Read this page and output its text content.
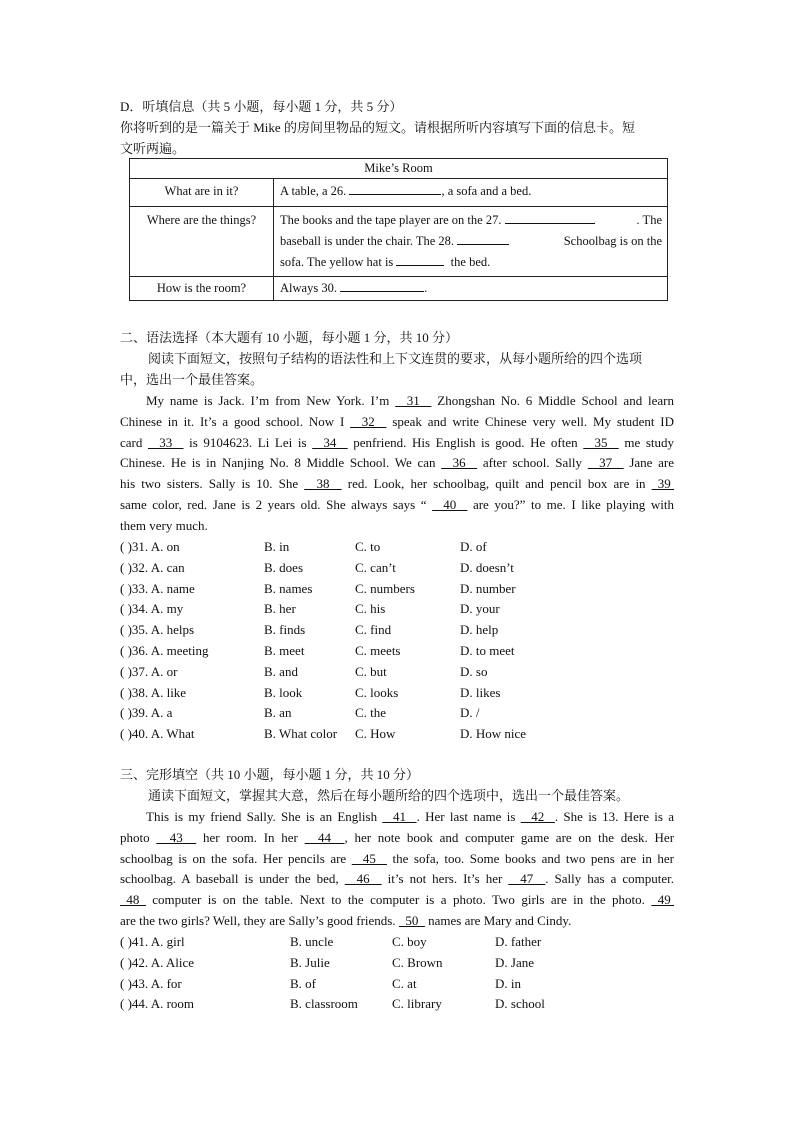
D．听填信息（共 5 小题，每小题 1 分，共 5 分）
你将听到的是一篇关于 Mike 的房间里物品的短文。请根据所听内容填写下面的信息卡。短
文听两遍。
Mike’s Room	
What are in it?	A table, a 26. , a sofa and a bed.
Where are the things?	The books and the tape player are on the 27. . The
baseball is under the chair. The 28. Schoolbag is on the
sofa. The yellow hat is the bed.

How is the room?	Always 30. .
二、语法选择（本大题有 10 小题，每小题 1 分，共 10 分）
阅读下面短文，按照句子结构的语法性和上下文连贯的要求，从每小题所给的四个选项
中，选出一个最佳答案。
My name is Jack. I’m from New York. I’m   31   Zhongshan No. 6 Middle School and learn
Chinese in it. It’s a good school. Now I   32   speak and write Chinese very well. My student ID
card   33   is 9104623. Li Lei is   34   penfriend. His English is good. He often   35   me study
Chinese. He is in Nanjing No. 8 Middle School. We can   36   after school. Sally   37   Jane are
his two sisters. Sally is 10. She   38   red. Look, her schoolbag, quilt and pencil box are in  39
same color, red. Jane is 2 years old. She always says “   40   are you?” to me. I like playing with
them very much.
( )31. A. on	B. in	C. to	D. of
( )32. A. can	B. does	C. can’t	D. doesn’t
( )33. A. name	B. names	C. numbers	D. number
( )34. A. my	B. her	C. his	D. your
( )35. A. helps	B. finds	C. find	D. help
( )36. A. meeting	B. meet	C. meets	D. to meet
( )37. A. or	B. and	C. but	D. so
( )38. A. like	B. look	C. looks	D. likes
( )39. A. a	B. an	C. the	D. /
( )40. A. What	B. What color C. How	D. How nice
三、完形填空（共 10 小题，每小题 1 分，共 10 分）
通读下面短文，掌握其大意，然后在每小题所给的四个选项中，选出一个最佳答案。
This is my friend Sally. She is an English   41  . Her last name is   42  . She is 13. Here is a
photo   43   her room. In her   44  , her note book and computer game are on the desk. Her
schoolbag is on the sofa. Her pencils are   45   the sofa, too. Some books and two pens are in her
schoolbag. A baseball is under the bed,   46   it’s not hers. It’s her   47  . Sally has a computer.
48  computer is on the table. Next to the computer is a photo. Two girls are in the photo.  49
are the two girls? Well, they are Sally’s good friends.   50   names are Mary and Cindy.
( )41. A. girl	B. uncle	C. boy	D. father
( )42. A. Alice	B. Julie	C. Brown	D. Jane
( )43. A. for	B. of	C. at	D. in
( )44. A. room	B. classroom	C. library	D. school
